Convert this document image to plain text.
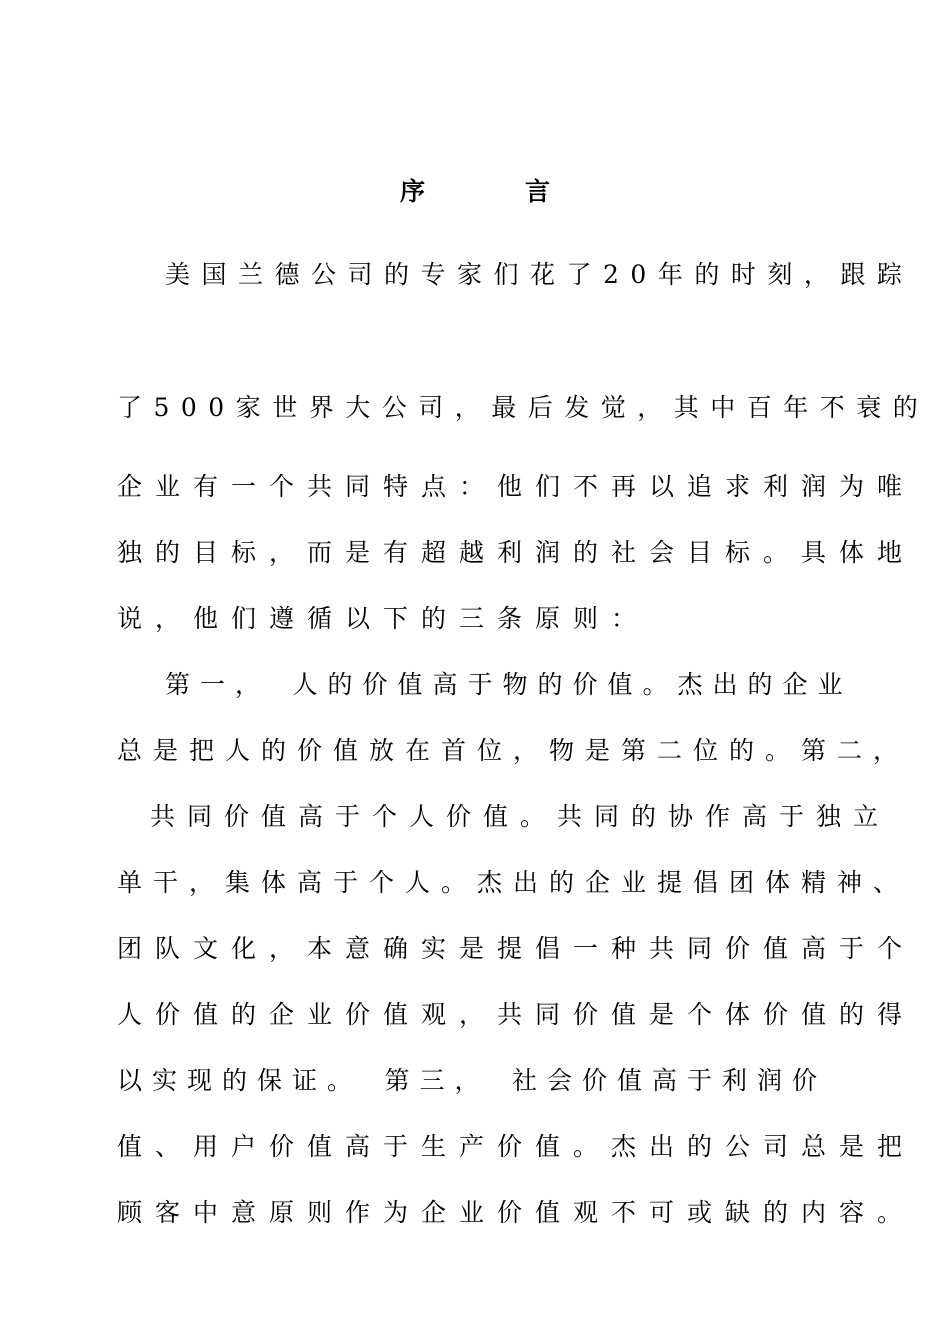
序	言
美国兰德公司的专家们花了20年的时刻，跟踪
了500家世界大公司，最后发觉，其中百年不衰的
企业有一个共同特点：他们不再以追求利润为唯
独的目标，而是有超越利润的社会目标。具体地
说，他们遵循以下的三条原则：
第一，　人的价值高于物的价值。杰出的企业
总是把人的价值放在首位，物是第二位的。第二，
共同价值高于个人价值。共同的协作高于独立
单干，集体高于个人。杰出的企业提倡团体精神、
团队文化，本意确实是提倡一种共同价值高于个
人价值的企业价值观，共同价值是个体价值的得
以实现的保证。　第三，　社会价值高于利润价
值、用户价值高于生产价值。杰出的公司总是把
顾客中意原则作为企业价值观不可或缺的内容。
